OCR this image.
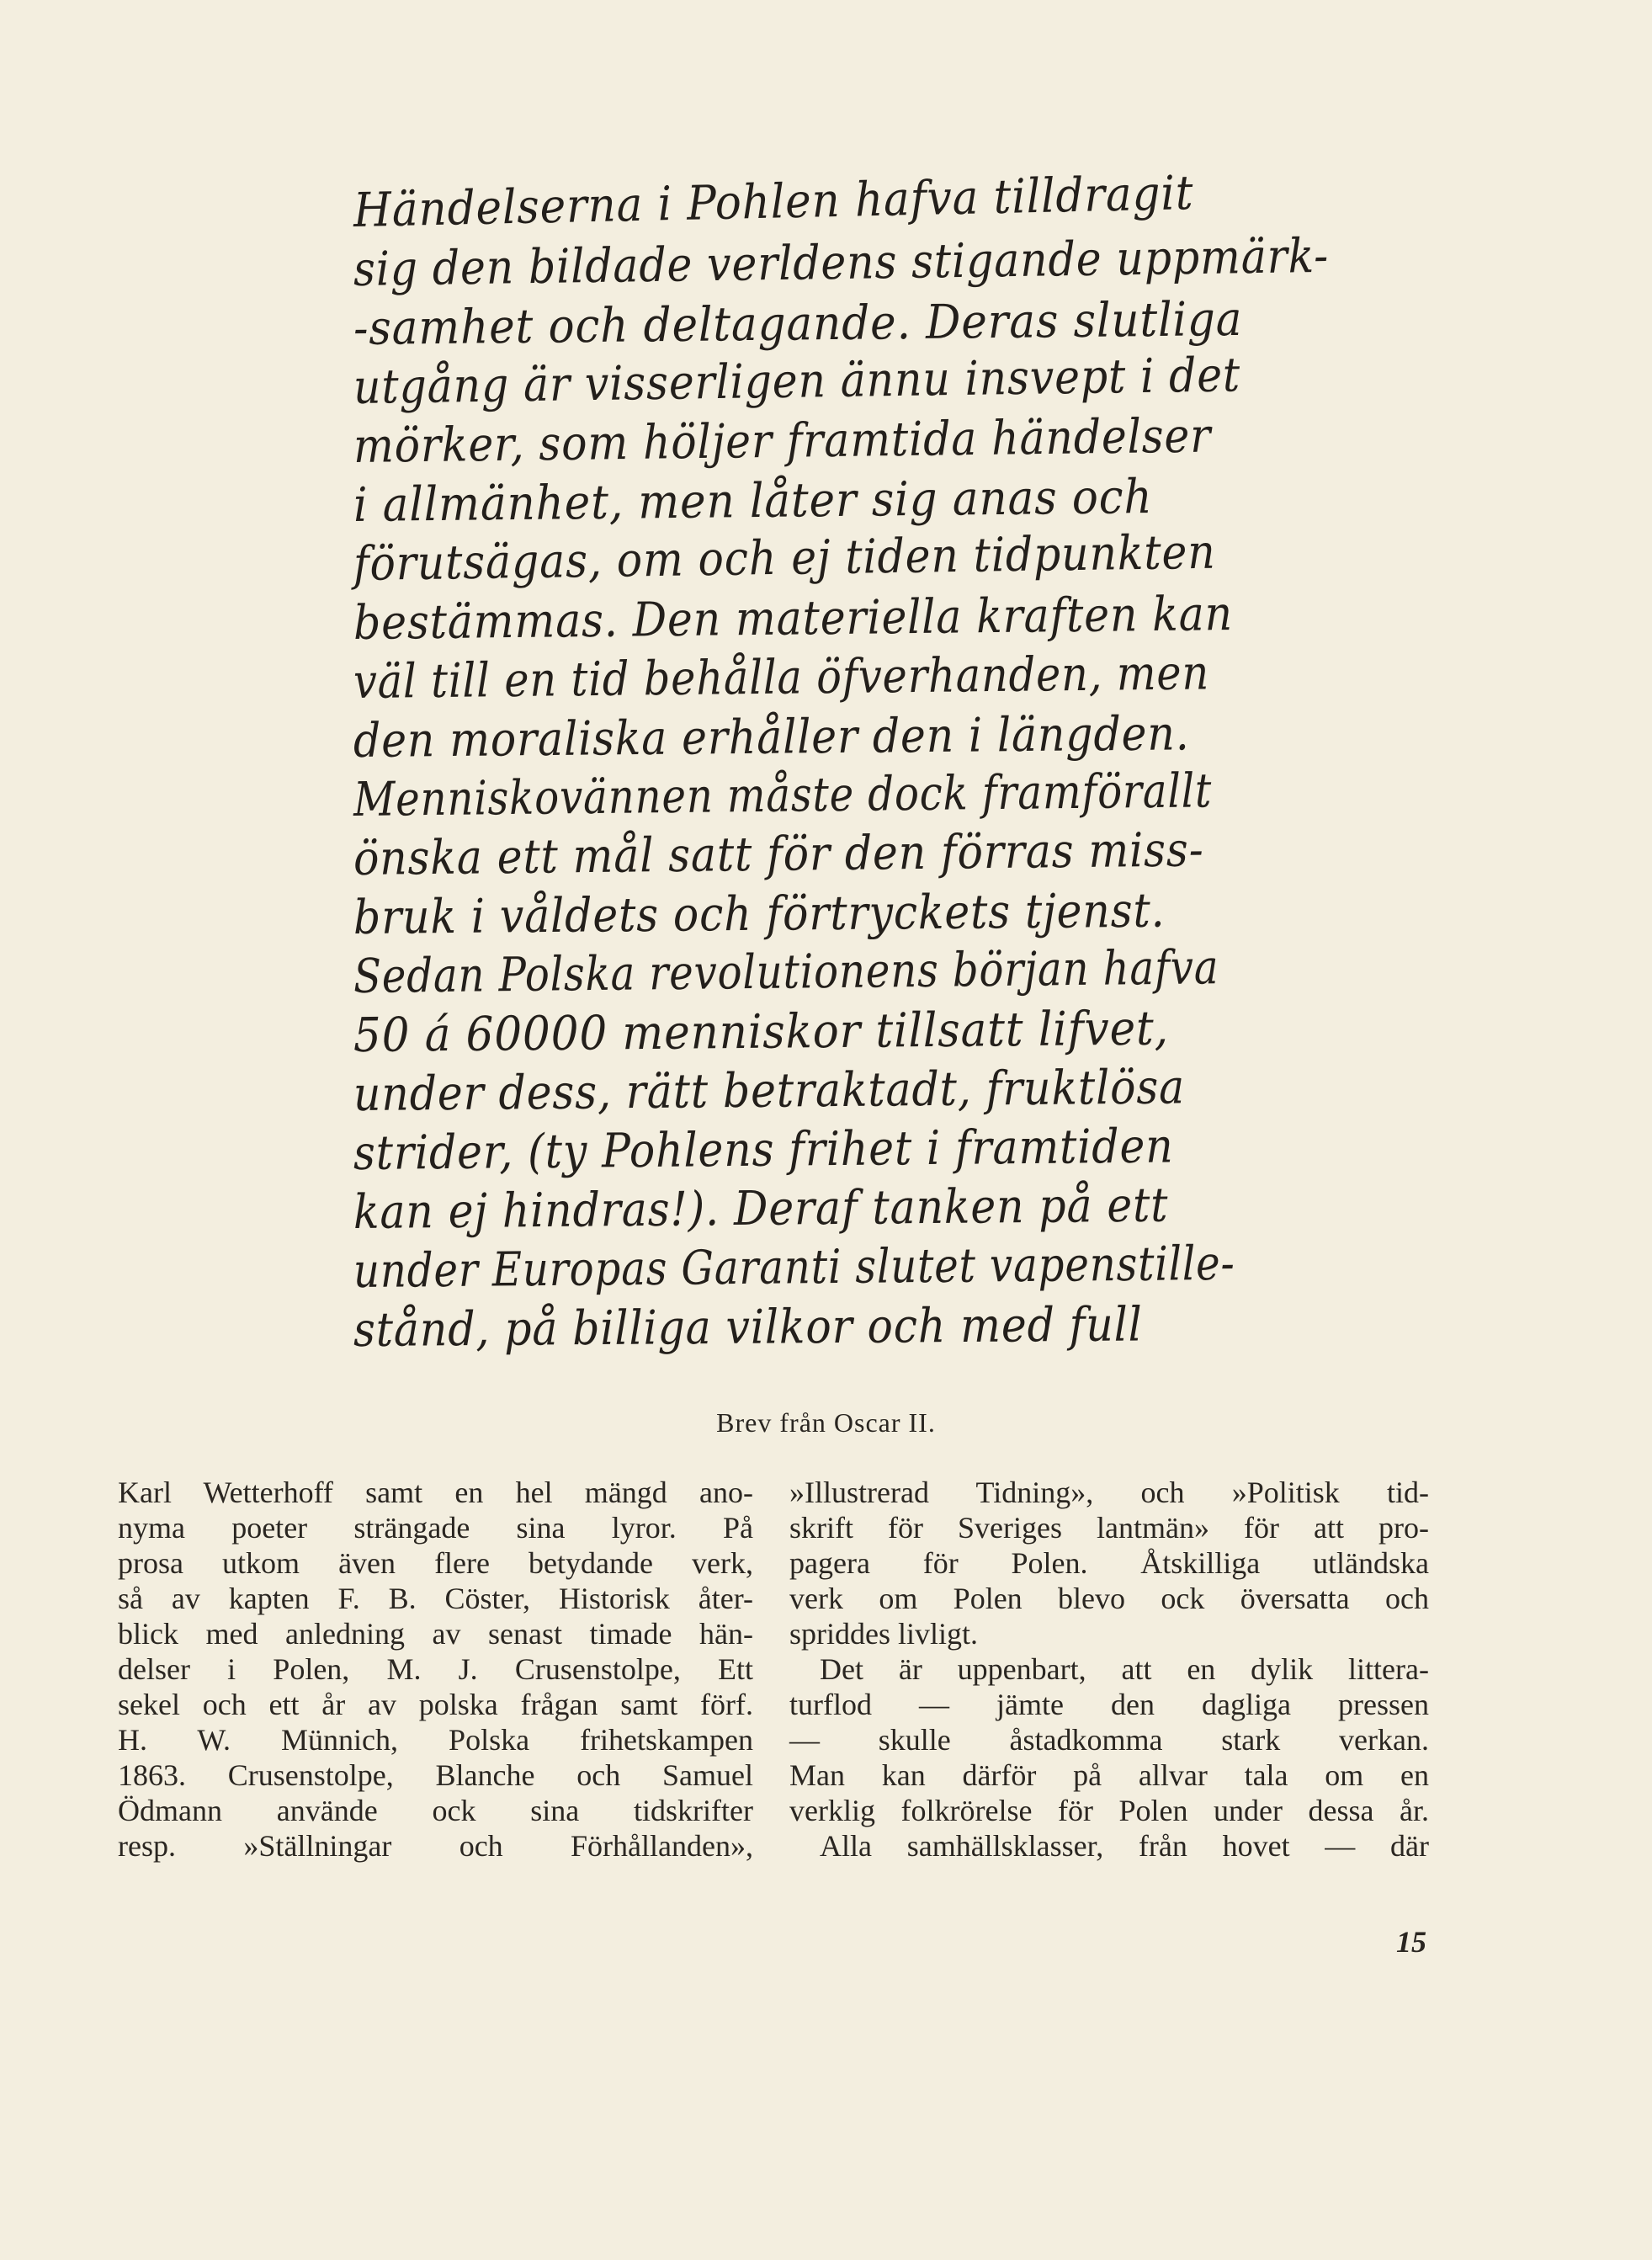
Händelserna i Pohlen hafva tilldragit
sig den bildade verldens stigande uppmärk-
-samhet och deltagande. Deras slutliga
utgång är visserligen ännu insvept i det
mörker, som höljer framtida händelser
i allmänhet, men låter sig anas och
förutsägas, om och ej tiden tidpunkten
bestämmas. Den materiella kraften kan
väl till en tid behålla öfverhanden, men
den moraliska erhåller den i längden.
Menniskovännen måste dock framförallt
önska ett mål satt för den förras miss-
bruk i våldets och förtryckets tjenst.
Sedan Polska revolutionens början hafva
50 á 60000 menniskor tillsatt lifvet,
under dess, rätt betraktadt, fruktlösa
strider, (ty Pohlens frihet i framtiden
kan ej hindras!). Deraf tanken på ett
under Europas Garanti slutet vapenstille-
stånd, på billiga vilkor och med full
Brev från Oscar II.
Karl Wetterhoff samt en hel mängd ano-
nyma poeter strängade sina lyror. På
prosa utkom även flere betydande verk,
så av kapten F. B. Cöster, Historisk åter-
blick med anledning av senast timade hän-
delser i Polen, M. J. Crusenstolpe, Ett
sekel och ett år av polska frågan samt förf.
H. W. Münnich, Polska frihetskampen
1863. Crusenstolpe, Blanche och Samuel
Ödmann använde ock sina tidskrifter
resp. »Ställningar och Förhållanden»,
»Illustrerad Tidning», och »Politisk tid-
skrift för Sveriges lantmän» för att pro-
pagera för Polen. Åtskilliga utländska
verk om Polen blevo ock översatta och
spriddes livligt.
Det är uppenbart, att en dylik littera-
turflod — jämte den dagliga pressen
— skulle åstadkomma stark verkan.
Man kan därför på allvar tala om en
verklig folkrörelse för Polen under dessa år.
Alla samhällsklasser, från hovet — där
15
